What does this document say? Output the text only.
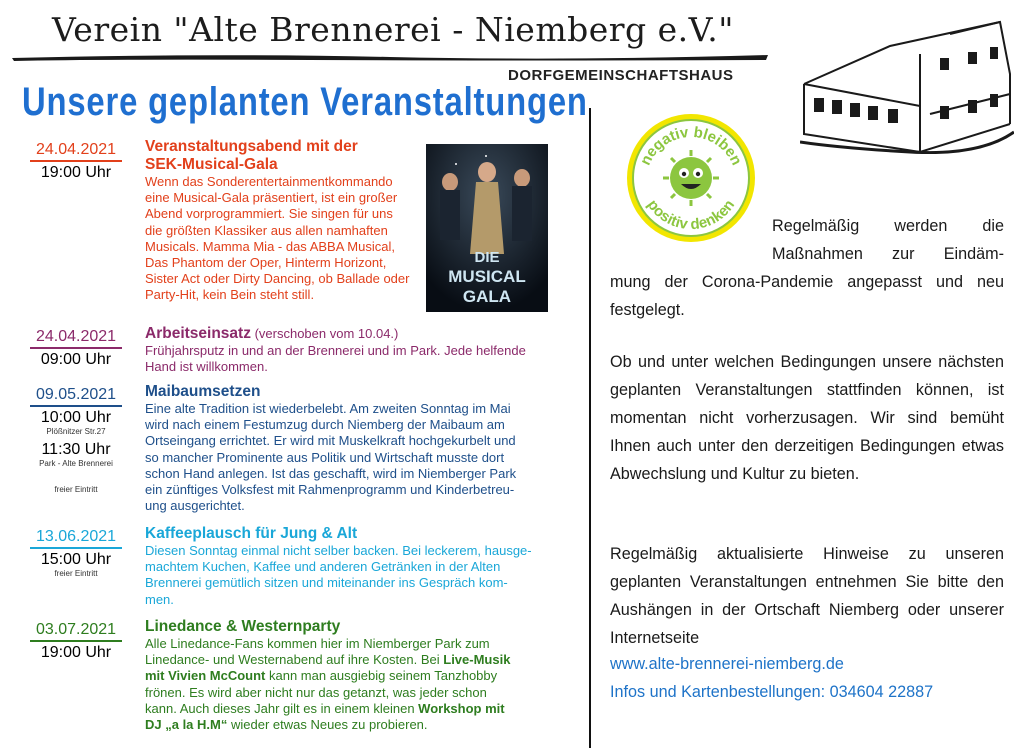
Verein "Alte Brennerei - Niemberg e.V."
DORFGEMEINSCHAFTSHAUS
Unsere geplanten Veranstaltungen
24.04.2021
19:00 Uhr
Veranstaltungsabend mit der
SEK-Musical-Gala
Wenn das Sonderentertainmentkommando
eine Musical-Gala präsentiert, ist ein großer
Abend vorprogrammiert. Sie singen für uns
die größten Klassiker aus allen namhaften
Musicals. Mamma Mia - das ABBA Musical,
Das Phantom der Oper, Hinterm Horizont,
Sister Act oder Dirty Dancing, ob Ballade oder
Party-Hit, kein Bein steht still.
DIE
MUSICAL
GALA
24.04.2021
09:00 Uhr
Arbeitseinsatz (verschoben vom 10.04.)
Frühjahrsputz in und an der Brennerei und im Park. Jede helfende
Hand ist willkommen.
09.05.2021
10:00 Uhr
Plößnitzer Str.27
11:30 Uhr
Park - Alte Brennerei
freier Eintritt
Maibaumsetzen
Eine alte Tradition ist wiederbelebt. Am zweiten Sonntag im Mai
wird nach einem Festumzug durch Niemberg der Maibaum am
Ortseingang errichtet. Er wird mit Muskelkraft hochgekurbelt und
so mancher Prominente aus Politik und Wirtschaft musste dort
schon Hand anlegen. Ist das geschafft, wird im Niemberger Park
ein zünftiges Volksfest mit Rahmenprogramm und Kinderbetreu-
ung ausgerichtet.
13.06.2021
15:00 Uhr
freier Eintritt
Kaffeeplausch für Jung & Alt
Diesen Sonntag einmal nicht selber backen. Bei leckerem, hausge-
machtem Kuchen, Kaffee und anderen Getränken in der Alten
Brennerei gemütlich sitzen und miteinander ins Gespräch kom-
men.
03.07.2021
19:00 Uhr
Linedance & Westernparty
Alle Linedance-Fans kommen hier im Niemberger Park zum
Linedance- und Westernabend auf ihre Kosten. Bei Live-Musik
mit Vivien McCount kann man ausgiebig seinem Tanzhobby
frönen. Es wird aber nicht nur das getanzt, was jeder schon
kann. Auch dieses Jahr gilt es in einem kleinen Workshop mit
DJ „a la H.M“ wieder etwas Neues zu probieren.
negativ bleiben
positiv denken
Regelmäßig werden die
Maßnahmen zur Eindäm-
mung der Corona-Pandemie angepasst und neu festgelegt.
Ob und unter welchen Bedingungen unsere nächsten geplanten Veranstaltungen stattfinden können, ist momentan nicht vorherzusagen. Wir sind bemüht Ihnen auch unter den derzeitigen Bedingungen etwas Abwechslung und Kultur zu bieten.
Regelmäßig aktualisierte Hinweise zu unseren geplanten Veranstaltungen entnehmen Sie bitte den Aushängen in der Ortschaft Niemberg oder unserer Internetseite
www.alte-brennerei-niemberg.de
Infos und Kartenbestellungen: 034604 22887
